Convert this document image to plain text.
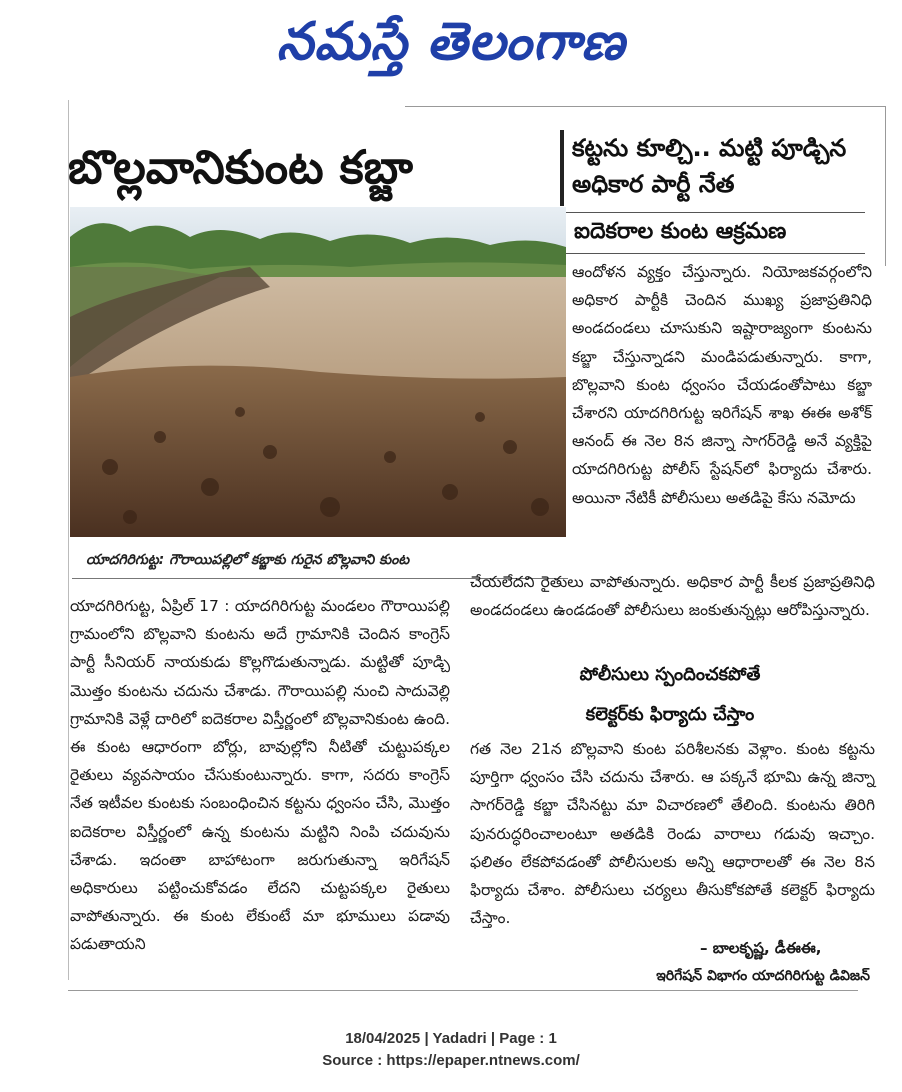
నమస్తే తెలంగాణ
బొల్లవానికుంట కబ్జా	కట్టను కూల్చి.. మట్టి పూడ్చిన అధికార పార్టీ నేత
ఐదెకరాల కుంట ఆక్రమణ
యాదగిరిగుట్ట: గౌరాయిపల్లిలో కబ్జాకు గురైన బొల్లవాని కుంట
ఆందోళన వ్యక్తం చేస్తున్నారు. నియోజకవర్గంలోని అధికార పార్టీకి చెందిన ముఖ్య ప్రజాప్రతినిధి అండదండలు చూసుకుని ఇష్టారాజ్యంగా కుంటను కబ్జా చేస్తున్నాడని మండిపడుతున్నారు. కాగా, బొల్లవాని కుంట ధ్వంసం చేయడంతోపాటు కబ్జా చేశారని యాదగిరిగుట్ట ఇరిగేషన్ శాఖ ఈఈ అశోక్ ఆనంద్ ఈ నెల 8న జిన్నా సాగర్‌రెడ్డి అనే వ్యక్తిపై యాదగిరిగుట్ట పోలీస్ స్టేషన్‌లో ఫిర్యాదు చేశారు. అయినా నేటికీ పోలీసులు అతడిపై కేసు నమోదు
చేయలేదని రైతులు వాపోతున్నారు. అధికార పార్టీ కీలక ప్రజాప్రతినిధి అండదండలు ఉండడంతో పోలీసులు జంకుతున్నట్లు ఆరోపిస్తున్నారు.
యాదగిరిగుట్ట, ఏప్రిల్ 17 : యాదగిరిగుట్ట మండలం గౌరాయిపల్లి గ్రామంలోని బొల్లవాని కుంటను అదే గ్రామానికి చెందిన కాంగ్రెస్ పార్టీ సీనియర్ నాయకుడు కొల్లగొడుతున్నాడు. మట్టితో పూడ్చి మొత్తం కుంటను చదును చేశాడు. గౌరాయిపల్లి నుంచి సాదువెల్లి గ్రామానికి వెళ్లే దారిలో ఐదెకరాల విస్తీర్ణంలో బొల్లవానికుంట ఉంది. ఈ కుంట ఆధారంగా బోర్లు, బావుల్లోని నీటితో చుట్టుపక్కల రైతులు వ్యవసాయం చేసుకుంటున్నారు. కాగా, సదరు కాంగ్రెస్ నేత ఇటీవల కుంటకు సంబంధించిన కట్టను ధ్వంసం చేసి, మొత్తం ఐదెకరాల విస్తీర్ణంలో ఉన్న కుంటను మట్టిని నింపి చదువును చేశాడు. ఇదంతా బాహాటంగా జరుగుతున్నా ఇరిగేషన్ అధికారులు పట్టించుకోవడం లేదని చుట్టపక్కల రైతులు వాపోతున్నారు. ఈ కుంట లేకుంటే మా భూములు పడావు పడుతాయని
పోలీసులు స్పందించకపోతే
కలెక్టర్‌కు ఫిర్యాదు చేస్తాం
గత నెల 21న బొల్లవాని కుంట పరిశీలనకు వెళ్లాం. కుంట కట్టను పూర్తిగా ధ్వంసం చేసి చదును చేశారు. ఆ పక్కనే భూమి ఉన్న జిన్నా సాగర్‌రెడ్డి కబ్జా చేసినట్టు మా విచారణలో తేలింది. కుంటను తిరిగి పునరుద్ధరించాలంటూ అతడికి రెండు వారాలు గడువు ఇచ్చాం. ఫలితం లేకపోవడంతో పోలీసులకు అన్ని ఆధారాలతో ఈ నెల 8న ఫిర్యాదు చేశాం. పోలీసులు చర్యలు తీసుకోకపోతే కలెక్టర్ ఫిర్యాదు చేస్తాం.
– బాలకృష్ణ, డీఈఈ,
ఇరిగేషన్ విభాగం యాదగిరిగుట్ట డివిజన్
18/04/2025 | Yadadri | Page : 1
Source : https://epaper.ntnews.com/
